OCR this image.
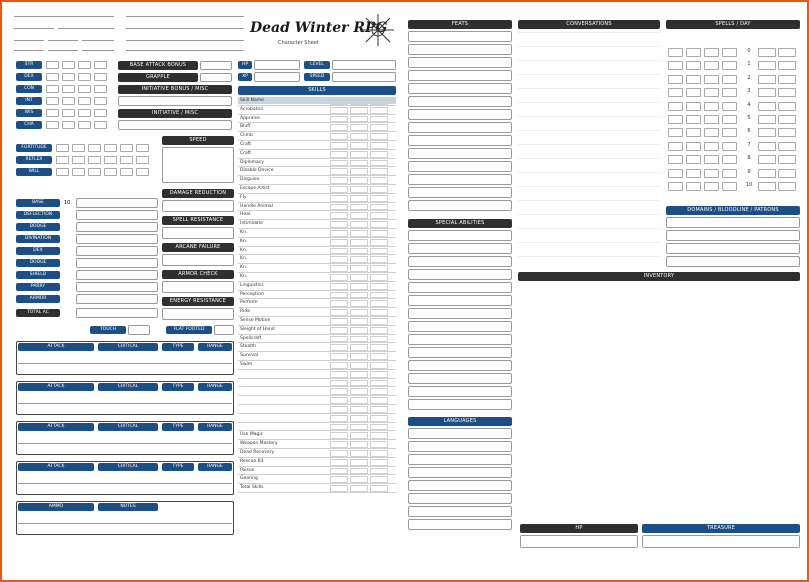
Dead Winter RPG
Character Sheet
STR
DEX
CON
INT
WIS
CHA
BASE ATTACK BONUS
GRAPPLE
INITIATIVE BONUS / MISC
INITIATIVE / MISC
FORTITUDE
REFLEX
WILL
SPEED
BASE	10
DEFLECTION
DODGE
DIVINATION
DEX
DODGE
SHIELD
PARRY
ARMOR
TOTAL AC
DAMAGE REDUCTION
SPELL RESISTANCE
ARCANE FAILURE
ARMOR CHECK
ENERGY RESISTANCE
TOUCH	FLAT FOOTED
ATTACK	CRITICAL	TYPE	RANGE
ATTACK	CRITICAL	TYPE	RANGE
ATTACK	CRITICAL	TYPE	RANGE
ATTACK	CRITICAL	TYPE	RANGE
AMMO	NOTES
HP	LEVEL
XP	SPEED
SKILLS
Skill Name
Acrobatics
Appraise
Bluff
Climb
Craft
Craft
Diplomacy
Disable Device
Disguise
Escape Artist
Fly
Handle Animal
Heal
Intimidate
Kn.
Kn.
Kn.
Kn.
Kn.
Kn.
Linguistics
Perception
Perform
Ride
Sense Motive
Sleight of Hand
Spellcraft
Stealth
Survival
Swim
Use Magic
Weapon Mastery
Dead Recovery
Rescue Kit
Poison
Gearing
Total Skills
FEATS
SPECIAL ABILITIES
LANGUAGES
CONVERSATIONS
INVENTORY
SPELLS / DAY
0
1
2
3
4
5
6
7
8
9
10
DOMAINS / BLOODLINE / PATRONS
HP	TREASURE
